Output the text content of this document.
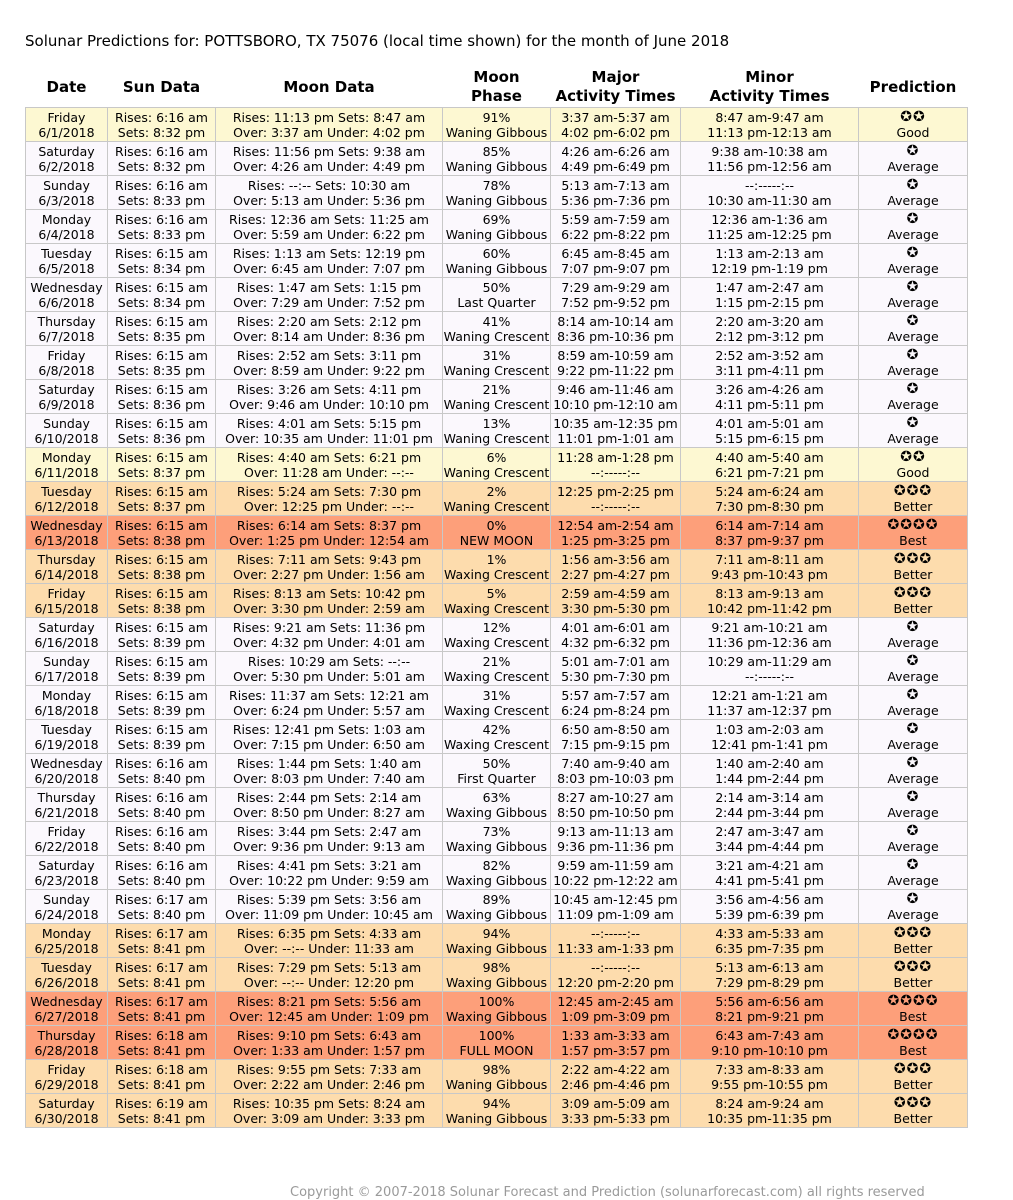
Solunar Predictions for: POTTSBORO, TX 75076 (local time shown) for the month of June 2018
Date	Sun Data	Moon Data	Moon
Phase	Major
Activity Times	Minor
Activity Times	Prediction

Friday
6/1/2018	Rises: 6:16 am
Sets: 8:32 pm	Rises: 11:13 pm Sets: 8:47 am
Over: 3:37 am Under: 4:02 pm	91%
Waning Gibbous	3:37 am-5:37 am
4:02 pm-6:02 pm	8:47 am-9:47 am
11:13 pm-12:13 am	✪✪
Good

Saturday
6/2/2018	Rises: 6:16 am
Sets: 8:32 pm	Rises: 11:56 pm Sets: 9:38 am
Over: 4:26 am Under: 4:49 pm	85%
Waning Gibbous	4:26 am-6:26 am
4:49 pm-6:49 pm	9:38 am-10:38 am
11:56 pm-12:56 am	✪
Average

Sunday
6/3/2018	Rises: 6:16 am
Sets: 8:33 pm	Rises: --:-- Sets: 10:30 am
Over: 5:13 am Under: 5:36 pm	78%
Waning Gibbous	5:13 am-7:13 am
5:36 pm-7:36 pm	--:-----:--
10:30 am-11:30 am	✪
Average

Monday
6/4/2018	Rises: 6:16 am
Sets: 8:33 pm	Rises: 12:36 am Sets: 11:25 am
Over: 5:59 am Under: 6:22 pm	69%
Waning Gibbous	5:59 am-7:59 am
6:22 pm-8:22 pm	12:36 am-1:36 am
11:25 am-12:25 pm	✪
Average

Tuesday
6/5/2018	Rises: 6:15 am
Sets: 8:34 pm	Rises: 1:13 am Sets: 12:19 pm
Over: 6:45 am Under: 7:07 pm	60%
Waning Gibbous	6:45 am-8:45 am
7:07 pm-9:07 pm	1:13 am-2:13 am
12:19 pm-1:19 pm	✪
Average

Wednesday
6/6/2018	Rises: 6:15 am
Sets: 8:34 pm	Rises: 1:47 am Sets: 1:15 pm
Over: 7:29 am Under: 7:52 pm	50%
Last Quarter	7:29 am-9:29 am
7:52 pm-9:52 pm	1:47 am-2:47 am
1:15 pm-2:15 pm	✪
Average

Thursday
6/7/2018	Rises: 6:15 am
Sets: 8:35 pm	Rises: 2:20 am Sets: 2:12 pm
Over: 8:14 am Under: 8:36 pm	41%
Waning Crescent	8:14 am-10:14 am
8:36 pm-10:36 pm	2:20 am-3:20 am
2:12 pm-3:12 pm	✪
Average

Friday
6/8/2018	Rises: 6:15 am
Sets: 8:35 pm	Rises: 2:52 am Sets: 3:11 pm
Over: 8:59 am Under: 9:22 pm	31%
Waning Crescent	8:59 am-10:59 am
9:22 pm-11:22 pm	2:52 am-3:52 am
3:11 pm-4:11 pm	✪
Average

Saturday
6/9/2018	Rises: 6:15 am
Sets: 8:36 pm	Rises: 3:26 am Sets: 4:11 pm
Over: 9:46 am Under: 10:10 pm	21%
Waning Crescent	9:46 am-11:46 am
10:10 pm-12:10 am	3:26 am-4:26 am
4:11 pm-5:11 pm	✪
Average

Sunday
6/10/2018	Rises: 6:15 am
Sets: 8:36 pm	Rises: 4:01 am Sets: 5:15 pm
Over: 10:35 am Under: 11:01 pm	13%
Waning Crescent	10:35 am-12:35 pm
11:01 pm-1:01 am	4:01 am-5:01 am
5:15 pm-6:15 pm	✪
Average

Monday
6/11/2018	Rises: 6:15 am
Sets: 8:37 pm	Rises: 4:40 am Sets: 6:21 pm
Over: 11:28 am Under: --:--	6%
Waning Crescent	11:28 am-1:28 pm
--:-----:--	4:40 am-5:40 am
6:21 pm-7:21 pm	✪✪
Good

Tuesday
6/12/2018	Rises: 6:15 am
Sets: 8:37 pm	Rises: 5:24 am Sets: 7:30 pm
Over: 12:25 pm Under: --:--	2%
Waning Crescent	12:25 pm-2:25 pm
--:-----:--	5:24 am-6:24 am
7:30 pm-8:30 pm	✪✪✪
Better

Wednesday
6/13/2018	Rises: 6:15 am
Sets: 8:38 pm	Rises: 6:14 am Sets: 8:37 pm
Over: 1:25 pm Under: 12:54 am	0%
NEW MOON	12:54 am-2:54 am
1:25 pm-3:25 pm	6:14 am-7:14 am
8:37 pm-9:37 pm	✪✪✪✪
Best

Thursday
6/14/2018	Rises: 6:15 am
Sets: 8:38 pm	Rises: 7:11 am Sets: 9:43 pm
Over: 2:27 pm Under: 1:56 am	1%
Waxing Crescent	1:56 am-3:56 am
2:27 pm-4:27 pm	7:11 am-8:11 am
9:43 pm-10:43 pm	✪✪✪
Better

Friday
6/15/2018	Rises: 6:15 am
Sets: 8:38 pm	Rises: 8:13 am Sets: 10:42 pm
Over: 3:30 pm Under: 2:59 am	5%
Waxing Crescent	2:59 am-4:59 am
3:30 pm-5:30 pm	8:13 am-9:13 am
10:42 pm-11:42 pm	✪✪✪
Better

Saturday
6/16/2018	Rises: 6:15 am
Sets: 8:39 pm	Rises: 9:21 am Sets: 11:36 pm
Over: 4:32 pm Under: 4:01 am	12%
Waxing Crescent	4:01 am-6:01 am
4:32 pm-6:32 pm	9:21 am-10:21 am
11:36 pm-12:36 am	✪
Average

Sunday
6/17/2018	Rises: 6:15 am
Sets: 8:39 pm	Rises: 10:29 am Sets: --:--
Over: 5:30 pm Under: 5:01 am	21%
Waxing Crescent	5:01 am-7:01 am
5:30 pm-7:30 pm	10:29 am-11:29 am
--:-----:--	✪
Average

Monday
6/18/2018	Rises: 6:15 am
Sets: 8:39 pm	Rises: 11:37 am Sets: 12:21 am
Over: 6:24 pm Under: 5:57 am	31%
Waxing Crescent	5:57 am-7:57 am
6:24 pm-8:24 pm	12:21 am-1:21 am
11:37 am-12:37 pm	✪
Average

Tuesday
6/19/2018	Rises: 6:15 am
Sets: 8:39 pm	Rises: 12:41 pm Sets: 1:03 am
Over: 7:15 pm Under: 6:50 am	42%
Waxing Crescent	6:50 am-8:50 am
7:15 pm-9:15 pm	1:03 am-2:03 am
12:41 pm-1:41 pm	✪
Average

Wednesday
6/20/2018	Rises: 6:16 am
Sets: 8:40 pm	Rises: 1:44 pm Sets: 1:40 am
Over: 8:03 pm Under: 7:40 am	50%
First Quarter	7:40 am-9:40 am
8:03 pm-10:03 pm	1:40 am-2:40 am
1:44 pm-2:44 pm	✪
Average

Thursday
6/21/2018	Rises: 6:16 am
Sets: 8:40 pm	Rises: 2:44 pm Sets: 2:14 am
Over: 8:50 pm Under: 8:27 am	63%
Waxing Gibbous	8:27 am-10:27 am
8:50 pm-10:50 pm	2:14 am-3:14 am
2:44 pm-3:44 pm	✪
Average

Friday
6/22/2018	Rises: 6:16 am
Sets: 8:40 pm	Rises: 3:44 pm Sets: 2:47 am
Over: 9:36 pm Under: 9:13 am	73%
Waxing Gibbous	9:13 am-11:13 am
9:36 pm-11:36 pm	2:47 am-3:47 am
3:44 pm-4:44 pm	✪
Average

Saturday
6/23/2018	Rises: 6:16 am
Sets: 8:40 pm	Rises: 4:41 pm Sets: 3:21 am
Over: 10:22 pm Under: 9:59 am	82%
Waxing Gibbous	9:59 am-11:59 am
10:22 pm-12:22 am	3:21 am-4:21 am
4:41 pm-5:41 pm	✪
Average

Sunday
6/24/2018	Rises: 6:17 am
Sets: 8:40 pm	Rises: 5:39 pm Sets: 3:56 am
Over: 11:09 pm Under: 10:45 am	89%
Waxing Gibbous	10:45 am-12:45 pm
11:09 pm-1:09 am	3:56 am-4:56 am
5:39 pm-6:39 pm	✪
Average

Monday
6/25/2018	Rises: 6:17 am
Sets: 8:41 pm	Rises: 6:35 pm Sets: 4:33 am
Over: --:-- Under: 11:33 am	94%
Waxing Gibbous	--:-----:--
11:33 am-1:33 pm	4:33 am-5:33 am
6:35 pm-7:35 pm	✪✪✪
Better

Tuesday
6/26/2018	Rises: 6:17 am
Sets: 8:41 pm	Rises: 7:29 pm Sets: 5:13 am
Over: --:-- Under: 12:20 pm	98%
Waxing Gibbous	--:-----:--
12:20 pm-2:20 pm	5:13 am-6:13 am
7:29 pm-8:29 pm	✪✪✪
Better

Wednesday
6/27/2018	Rises: 6:17 am
Sets: 8:41 pm	Rises: 8:21 pm Sets: 5:56 am
Over: 12:45 am Under: 1:09 pm	100%
Waxing Gibbous	12:45 am-2:45 am
1:09 pm-3:09 pm	5:56 am-6:56 am
8:21 pm-9:21 pm	✪✪✪✪
Best

Thursday
6/28/2018	Rises: 6:18 am
Sets: 8:41 pm	Rises: 9:10 pm Sets: 6:43 am
Over: 1:33 am Under: 1:57 pm	100%
FULL MOON	1:33 am-3:33 am
1:57 pm-3:57 pm	6:43 am-7:43 am
9:10 pm-10:10 pm	✪✪✪✪
Best

Friday
6/29/2018	Rises: 6:18 am
Sets: 8:41 pm	Rises: 9:55 pm Sets: 7:33 am
Over: 2:22 am Under: 2:46 pm	98%
Waning Gibbous	2:22 am-4:22 am
2:46 pm-4:46 pm	7:33 am-8:33 am
9:55 pm-10:55 pm	✪✪✪
Better

Saturday
6/30/2018	Rises: 6:19 am
Sets: 8:41 pm	Rises: 10:35 pm Sets: 8:24 am
Over: 3:09 am Under: 3:33 pm	94%
Waning Gibbous	3:09 am-5:09 am
3:33 pm-5:33 pm	8:24 am-9:24 am
10:35 pm-11:35 pm	✪✪✪
Better
Copyright © 2007-2018 Solunar Forecast and Prediction (solunarforecast.com) all rights reserved
